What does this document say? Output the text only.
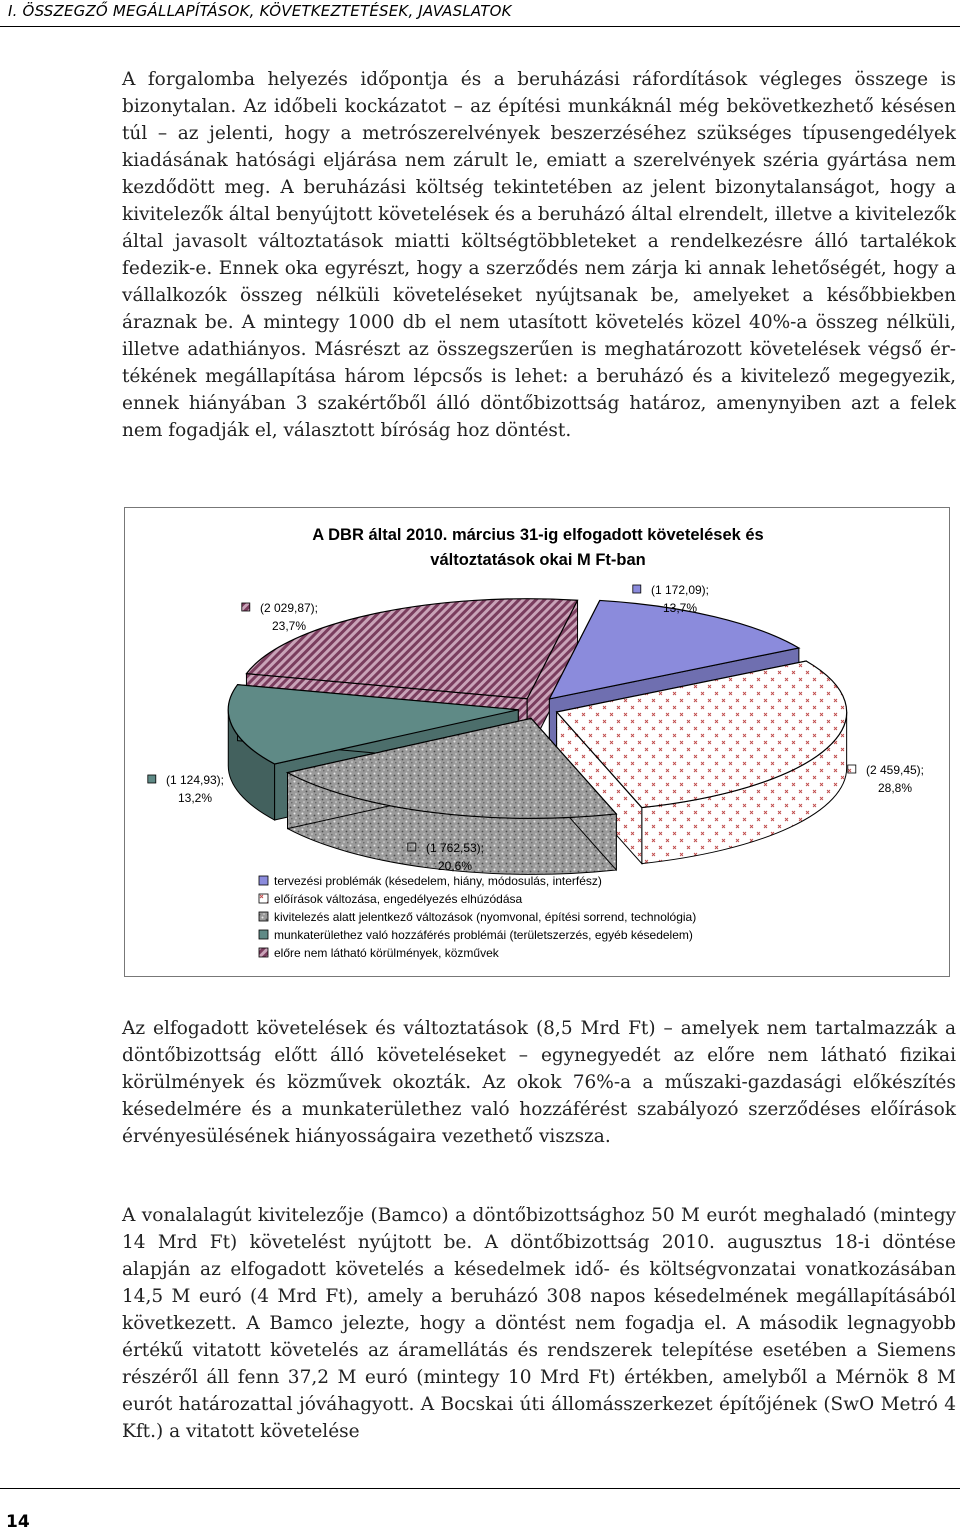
I. ÖSSZEGZŐ MEGÁLLAPÍTÁSOK, KÖVETKEZTETÉSEK, JAVASLATOK

A forgalomba helyezés időpontja és a beruházási ráfordítások végleges összege is bizonytalan. Az időbeli kockázatot – az építési munkáknál még bekövetkezhető késésen túl – az jelenti, hogy a metrószerelvények beszerzéséhez szükséges típusengedélyek kiadásának hatósági eljárása nem zárult le, emiatt a szerelvények széria gyártása nem kezdődött meg. A beruházási költség tekintetében az jelent bizonytalanságot, hogy a kivitelezők által benyújtott követelések és a beruházó által elrendelt, illetve a kivitelezők által javasolt változtatások miatti költségtöbbleteket a rendelkezésre álló tartalékok fedezik-e. Ennek oka egyrészt, hogy a szerződés nem zárja ki annak lehetőségét, hogy a vállalkozók összeg nélküli követeléseket nyújtsanak be, amelyeket a későbbiekben áraznak be. A mintegy 1000 db el nem utasított követelés közel 40%-a összeg nélküli, illetve adathiányos. Másrészt az összegszerűen is meghatározott követelések végső értékének megállapítása három lépcsős is lehet: a beruházó és a kivitelező megegyezik, ennek hiányában 3 szakértőből álló döntőbizottság határoz, amenynyiben azt a felek nem fogadják el, választott bíróság hoz döntést.

A DBR által 2010. március 31-ig elfogadott követelések és
változtatások okai M Ft-ban
(1 172,09);
13,7%
(2 459,45);
28,8%
(1 762,53);
20,6%
(1 124,93);
13,2%
(2 029,87);
23,7%
tervezési problémák (késedelem, hiány, módosulás, interfész)
előírások változása, engedélyezés elhúzódása
kivitelezés alatt jelentkező változások (nyomvonal, építési sorrend, technológia)
munkaterülethez való hozzáférés problémái (területszerzés, egyéb késedelem)
előre nem látható körülmények, közművek

Az elfogadott követelések és változtatások (8,5 Mrd Ft) – amelyek nem tartalmazzák a döntőbizottság előtt álló követeléseket – egynegyedét az előre nem látható fizikai körülmények és közművek okozták. Az okok 76%-a a műszaki-gazdasági előkészítés késedelmére és a munkaterülethez való hozzáférést szabályozó szerződéses előírások érvényesülésének hiányosságaira vezethető viszsza.

A vonalalagút kivitelezője (Bamco) a döntőbizottsághoz 50 M eurót meghaladó (mintegy 14 Mrd Ft) követelést nyújtott be. A döntőbizottság 2010. augusztus 18-i döntése alapján az elfogadott követelés a késedelmek idő- és költségvonzatai vonatkozásában 14,5 M euró (4 Mrd Ft), amely a beruházó 308 napos késedelmének megállapításából következett. A Bamco jelezte, hogy a döntést nem fogadja el. A második legnagyobb értékű vitatott követelés az áramellátás és rendszerek telepítése esetében a Siemens részéről áll fenn 37,2 M euró (mintegy 10 Mrd Ft) értékben, amelyből a Mérnök 8 M eurót határozattal jóváhagyott. A Bocskai úti állomásszerkezet építőjének (SwO Metró 4 Kft.) a vitatott követelése

14
